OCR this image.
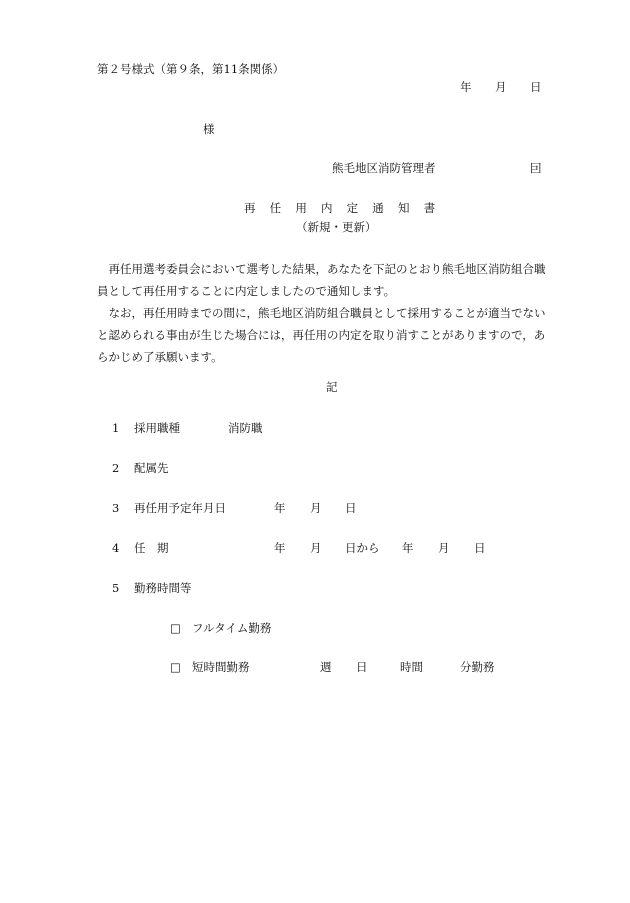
第２号様式（第９条，第11条関係）
年 月 日
様
熊毛地区消防管理者	囙
再 任 用 内 定 通 知 書
（新規・更新）
再任用選考委員会において選考した結果，あなたを下記のとおり熊毛地区消防組合職員として再任用することに内定しましたので通知します。
なお，再任用時までの間に，熊毛地区消防組合職員として採用することが適当でないと認められる事由が生じた場合には，再任用の内定を取り消すことがありますので，あらかじめ了承願います。
記
1 採用職種	消防職
2 配属先
3 再任用予定年月日	年 月 日
4 任　期	年 月 日から 年 月 日
5 勤務時間等
□ フルタイム勤務
□ 短時間勤務	週 日	時間	分勤務
